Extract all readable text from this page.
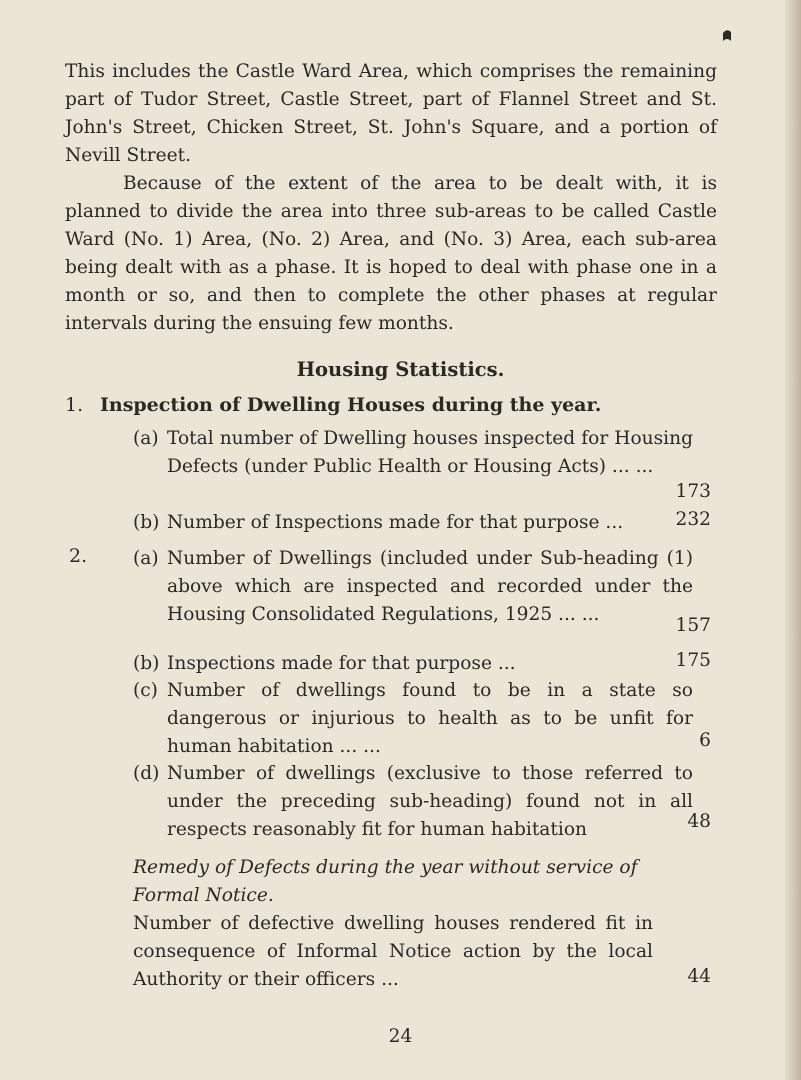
This includes the Castle Ward Area, which comprises the remaining part of Tudor Street, Castle Street, part of Flannel Street and St. John's Street, Chicken Street, St. John's Square, and a portion of Nevill Street.

Because of the extent of the area to be dealt with, it is planned to divide the area into three sub-areas to be called Castle Ward (No. 1) Area, (No. 2) Area, and (No. 3) Area, each sub-area being dealt with as a phase. It is hoped to deal with phase one in a month or so, and then to complete the other phases at regular intervals during the ensuing few months.

Housing Statistics.
1. Inspection of Dwelling Houses during the year.
(a) Total number of Dwelling houses inspected for Housing Defects (under Public Health or Housing Acts) ... ...
173
(b) Number of Inspections made for that purpose ...	232
2. (a) Number of Dwellings (included under Sub-heading (1) above which are inspected and recorded under the Housing Consolidated Regulations, 1925 ... ...
157
(b) Inspections made for that purpose ...	175
(c) Number of dwellings found to be in a state so dangerous or injurious to health as to be unfit for human habitation ... ...	6
(d) Number of dwellings (exclusive to those referred to under the preceding sub-heading) found not in all respects reasonably fit for human habitation	48

Remedy of Defects during the year without service of Formal Notice.

Number of defective dwelling houses rendered fit in consequence of Informal Notice action by the local Authority or their officers ...	44
24
